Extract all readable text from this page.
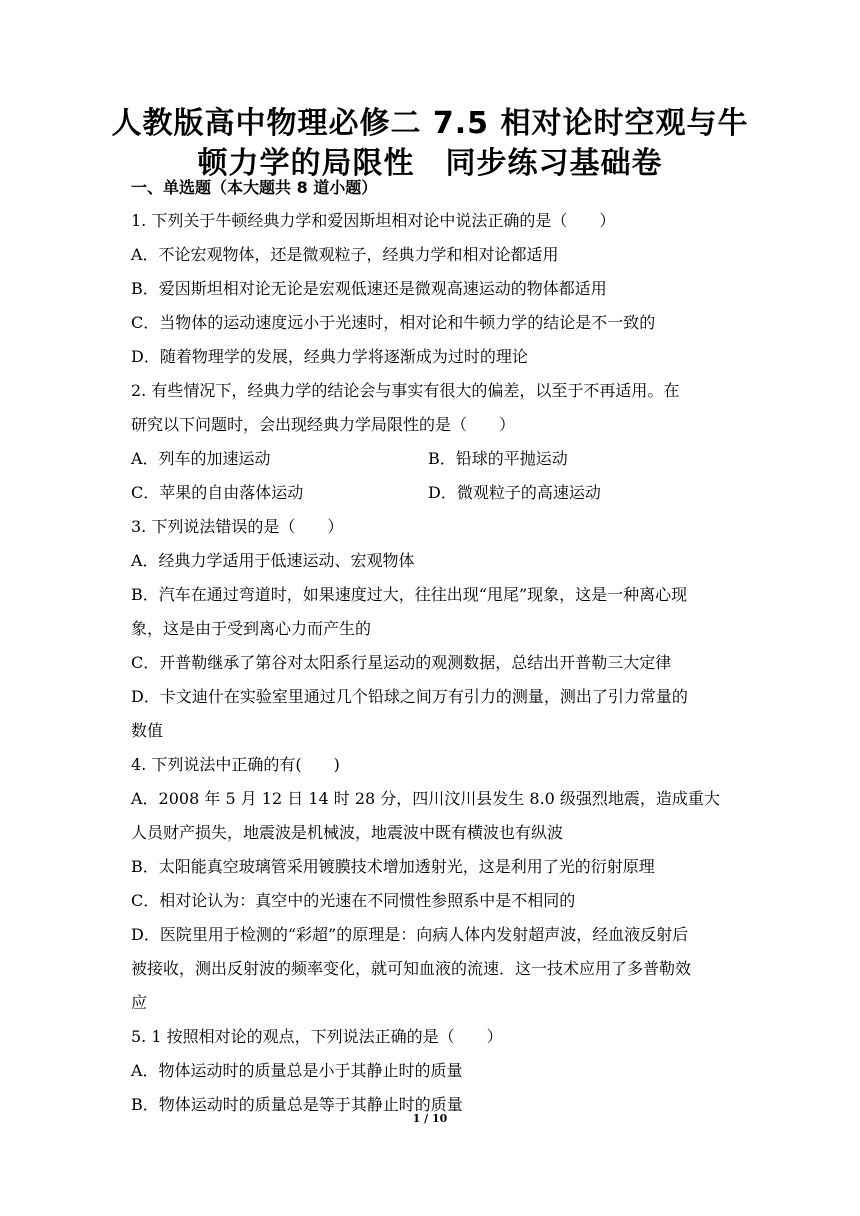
人教版高中物理必修二 7.5 相对论时空观与牛
顿力学的局限性　同步练习基础卷
一、单选题（本大题共 8 道小题）
1. 下列关于牛顿经典力学和爱因斯坦相对论中说法正确的是（　　）
A．不论宏观物体，还是微观粒子，经典力学和相对论都适用
B．爱因斯坦相对论无论是宏观低速还是微观高速运动的物体都适用
C．当物体的运动速度远小于光速时，相对论和牛顿力学的结论是不一致的
D．随着物理学的发展，经典力学将逐渐成为过时的理论
2. 有些情况下，经典力学的结论会与事实有很大的偏差，以至于不再适用。在
研究以下问题时，会出现经典力学局限性的是（　　）
A．列车的加速运动	B．铅球的平抛运动
C．苹果的自由落体运动	D．微观粒子的高速运动
3. 下列说法错误的是（　　）
A．经典力学适用于低速运动、宏观物体
B．汽车在通过弯道时，如果速度过大，往往出现“甩尾”现象，这是一种离心现
象，这是由于受到离心力而产生的
C．开普勒继承了第谷对太阳系行星运动的观测数据，总结出开普勒三大定律
D．卡文迪什在实验室里通过几个铅球之间万有引力的测量，测出了引力常量的
数值
4. 下列说法中正确的有(　　)
A．2008 年 5 月 12 日 14 时 28 分，四川汶川县发生 8.0 级强烈地震，造成重大
人员财产损失，地震波是机械波，地震波中既有横波也有纵波
B．太阳能真空玻璃管采用镀膜技术增加透射光，这是利用了光的衍射原理
C．相对论认为：真空中的光速在不同惯性参照系中是不相同的
D．医院里用于检测的“彩超”的原理是：向病人体内发射超声波，经血液反射后
被接收，测出反射波的频率变化，就可知血液的流速．这一技术应用了多普勒效
应
5. 1 按照相对论的观点，下列说法正确的是（　　）
A．物体运动时的质量总是小于其静止时的质量
B．物体运动时的质量总是等于其静止时的质量
1 / 10
